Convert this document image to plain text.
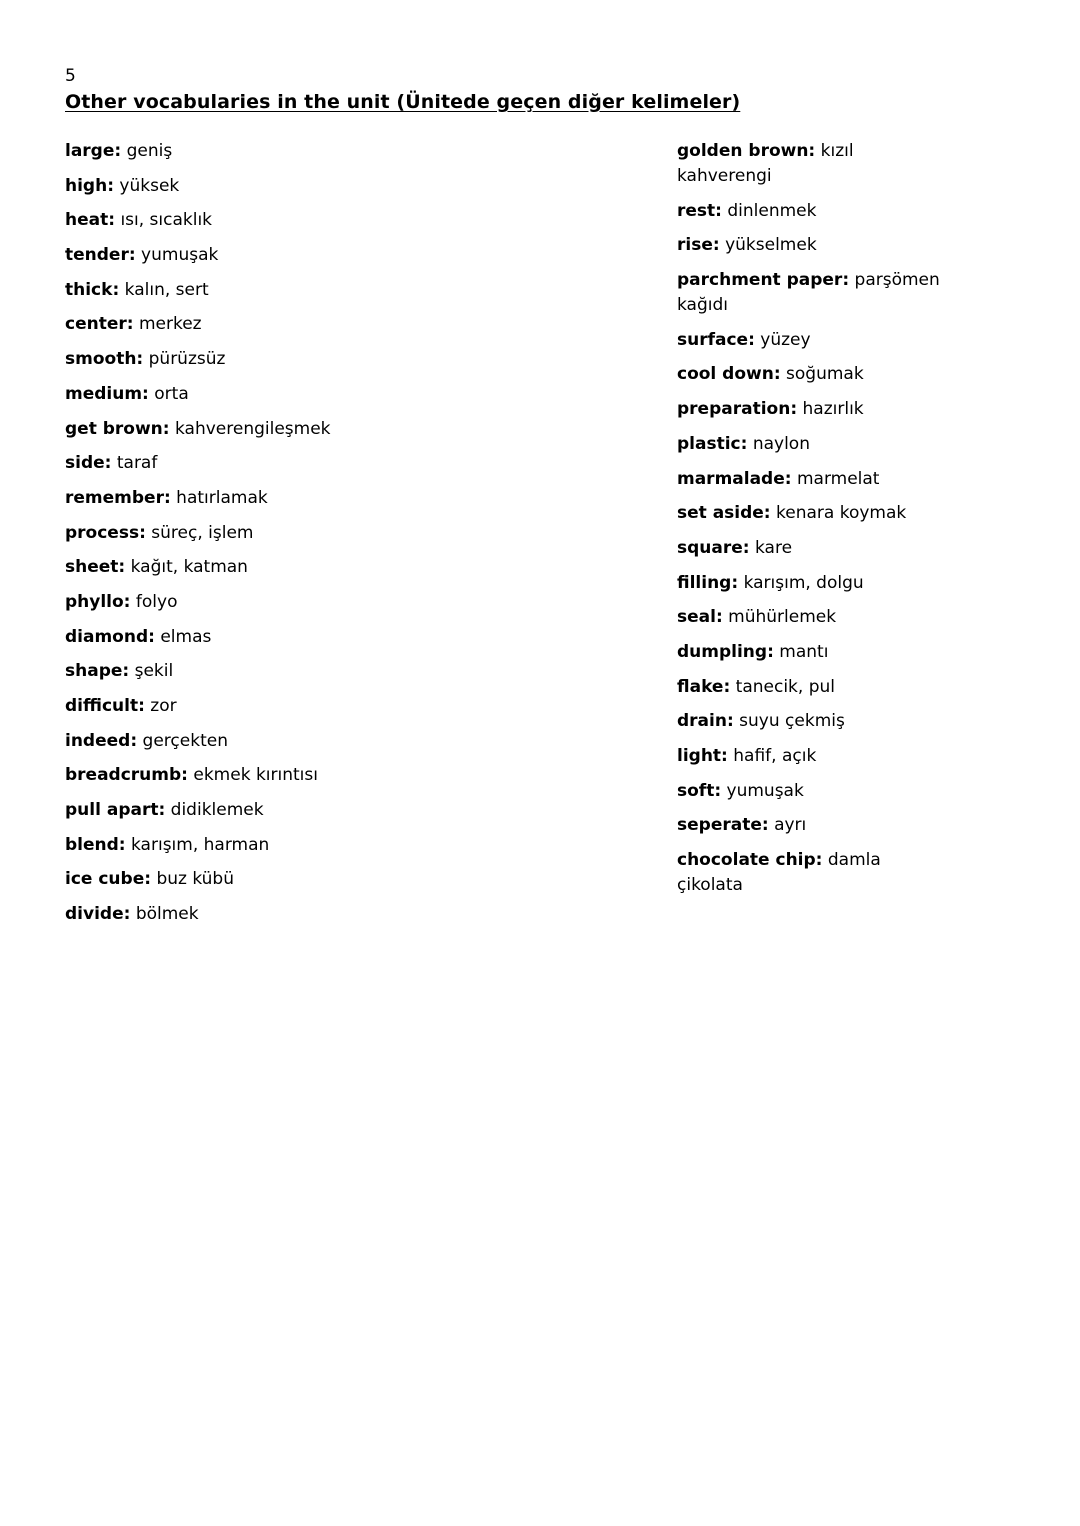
5
Other vocabularies in the unit (Ünitede geçen diğer kelimeler)
large: geniş
high: yüksek
heat: ısı, sıcaklık
tender: yumuşak
thick: kalın, sert
center: merkez
smooth: pürüzsüz
medium: orta
get brown: kahverengileşmek
side: taraf
remember: hatırlamak
process: süreç, işlem
sheet: kağıt, katman
phyllo: folyo
diamond: elmas
shape: şekil
difficult: zor
indeed: gerçekten
breadcrumb: ekmek kırıntısı
pull apart: didiklemek
blend: karışım, harman
ice cube: buz kübü
divide: bölmek
golden brown: kızıl kahverengi
rest: dinlenmek
rise: yükselmek
parchment paper: parşömen kağıdı
surface: yüzey
cool down: soğumak
preparation: hazırlık
plastic: naylon
marmalade: marmelat
set aside: kenara koymak
square: kare
filling: karışım, dolgu
seal: mühürlemek
dumpling: mantı
flake: tanecik, pul
drain: suyu çekmiş
light: hafif, açık
soft: yumuşak
seperate: ayrı
chocolate chip: damla çikolata
